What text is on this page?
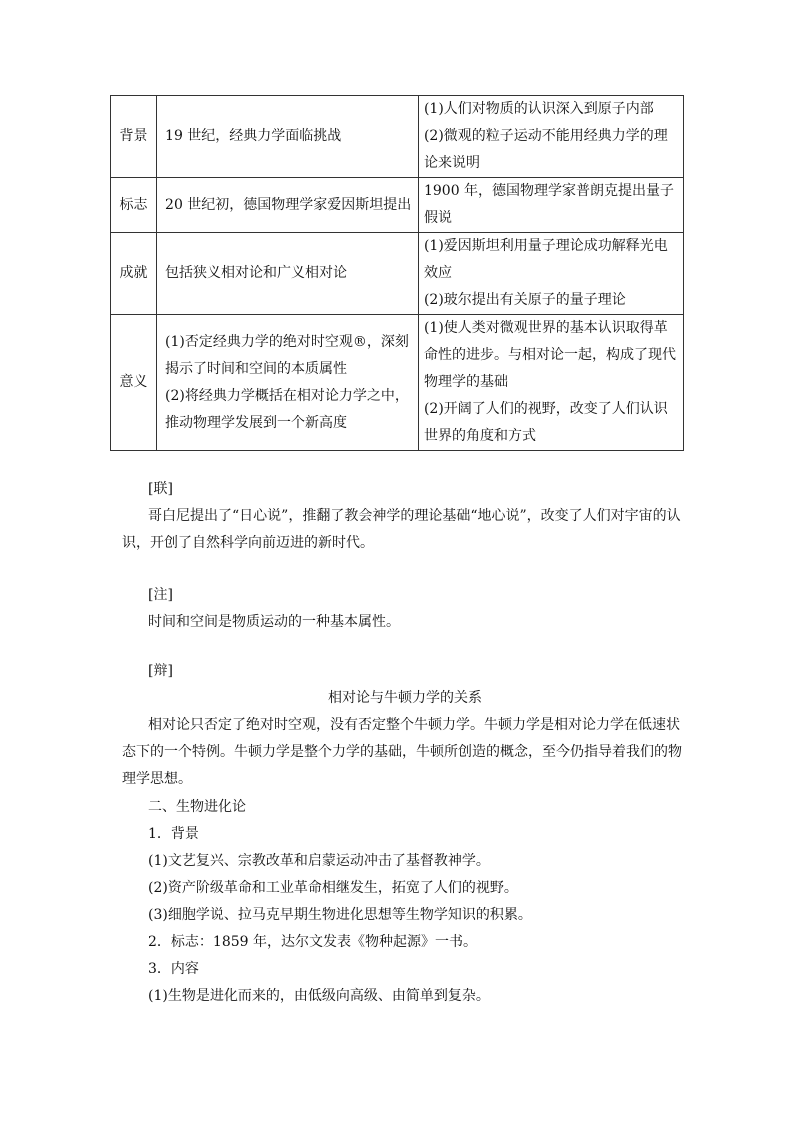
背景	19 世纪，经典力学面临挑战	(1)人们对物质的认识深入到原子内部
(2)微观的粒子运动不能用经典力学的理论来说明

标志	20 世纪初，德国物理学家爱因斯坦提出	1900 年，德国物理学家普朗克提出量子假说

成就	包括狭义相对论和广义相对论	(1)爱因斯坦利用量子理论成功解释光电效应
(2)玻尔提出有关原子的量子理论

意义	(1)否定经典力学的绝对时空观®，深刻揭示了时间和空间的本质属性
(2)将经典力学概括在相对论力学之中，推动物理学发展到一个新高度	(1)使人类对微观世界的基本认识取得革命性的进步。与相对论一起，构成了现代物理学的基础
(2)开阔了人们的视野，改变了人们认识世界的角度和方式

[联]

哥白尼提出了“日心说”，推翻了教会神学的理论基础“地心说”，改变了人们对宇宙的认识，开创了自然科学向前迈进的新时代。

[注]

时间和空间是物质运动的一种基本属性。

[辩]

相对论与牛顿力学的关系

相对论只否定了绝对时空观，没有否定整个牛顿力学。牛顿力学是相对论力学在低速状态下的一个特例。牛顿力学是整个力学的基础，牛顿所创造的概念，至今仍指导着我们的物理学思想。

二、生物进化论

1．背景

(1)文艺复兴、宗教改革和启蒙运动冲击了基督教神学。

(2)资产阶级革命和工业革命相继发生，拓宽了人们的视野。

(3)细胞学说、拉马克早期生物进化思想等生物学知识的积累。

2．标志：1859 年，达尔文发表《物种起源》一书。

3．内容

(1)生物是进化而来的，由低级向高级、由简单到复杂。
